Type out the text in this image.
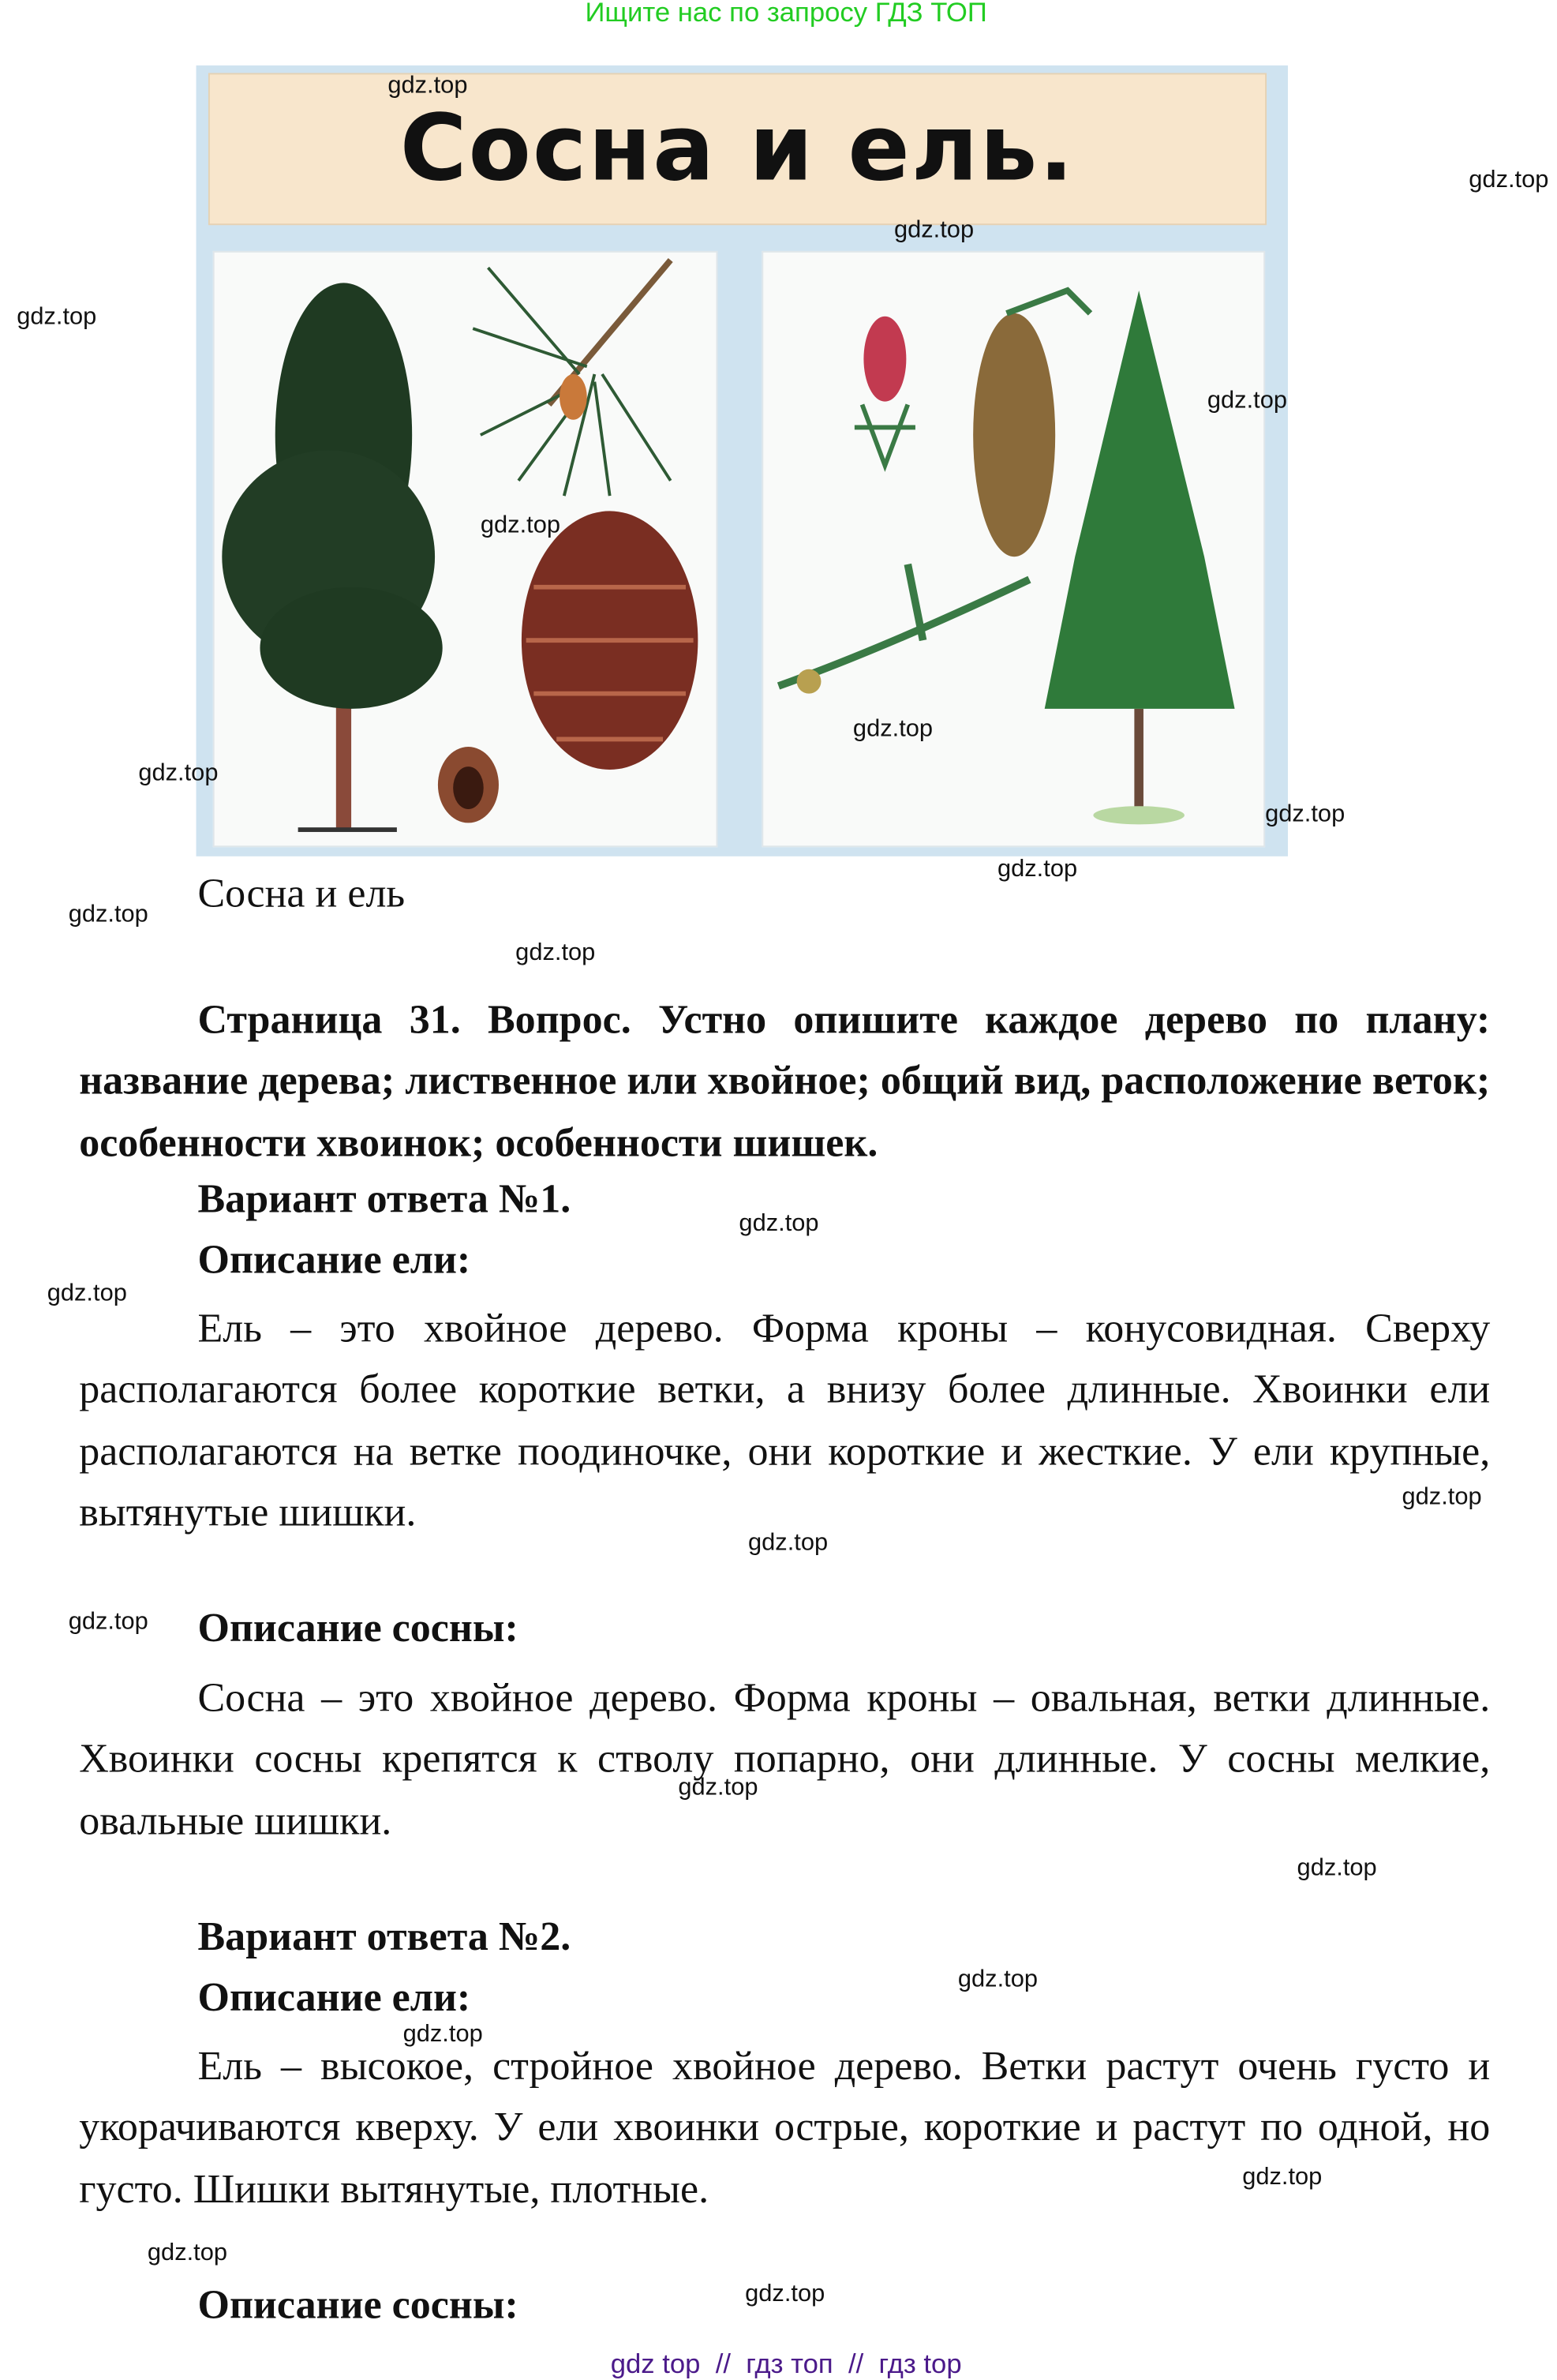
Ищите нас по запросу ГДЗ ТОП
Сосна и ель.
Сосна и ель
Страница 31. Вопрос. Устно опишите каждое дерево по плану: название дерева; лиственное или хвойное; общий вид, расположение веток; особенности хвоинок; особенности шишек.
Вариант ответа №1.
Описание ели:
Ель – это хвойное дерево. Форма кроны – конусовидная. Сверху располагаются более короткие ветки, а внизу более длинные. Хвоинки ели располагаются на ветке поодиночке, они короткие и жесткие. У ели крупные, вытянутые шишки.
Описание сосны:
Сосна – это хвойное дерево. Форма кроны – овальная, ветки длинные. Хвоинки сосны крепятся к стволу попарно, они длинные. У сосны мелкие, овальные шишки.
Вариант ответа №2.
Описание ели:
Ель – высокое, стройное хвойное дерево. Ветки растут очень густо и укорачиваются кверху. У ели хвоинки острые, короткие и растут по одной, но густо. Шишки вытянутые, плотные.
Описание сосны:
gdz.top
gdz.top
gdz.top
gdz.top
gdz.top
gdz.top
gdz.top
gdz.top
gdz.top
gdz.top
gdz.top
gdz.top
gdz.top
gdz.top
gdz.top
gdz.top
gdz.top
gdz.top
gdz.top
gdz.top
gdz.top
gdz.top
gdz.top
gdz.top
gdz top  //  гдз топ  //  гдз top
